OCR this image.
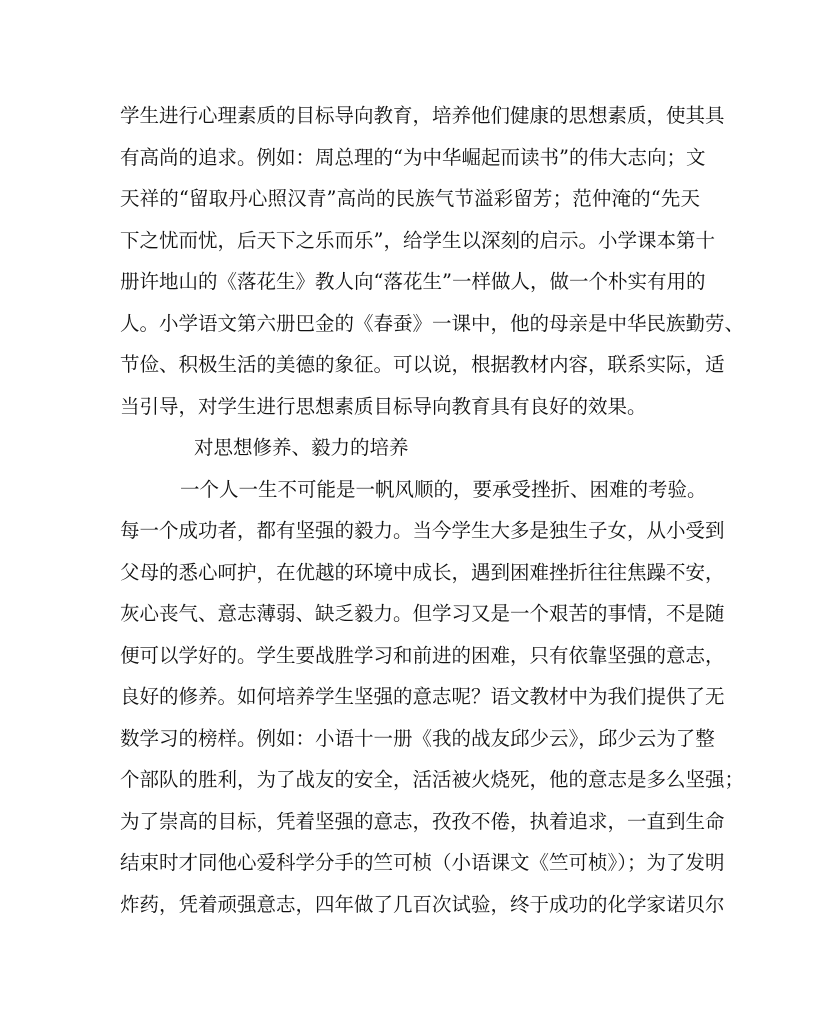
学生进行心理素质的目标导向教育，培养他们健康的思想素质，使其具
有高尚的追求。例如：周总理的“为中华崛起而读书”的伟大志向；文
天祥的“留取丹心照汉青”高尚的民族气节溢彩留芳；范仲淹的“先天
下之忧而忧，后天下之乐而乐”，给学生以深刻的启示。小学课本第十
册许地山的《落花生》教人向“落花生”一样做人，做一个朴实有用的
人。小学语文第六册巴金的《春蚕》一课中，他的母亲是中华民族勤劳、
节俭、积极生活的美德的象征。可以说，根据教材内容，联系实际，适
当引导，对学生进行思想素质目标导向教育具有良好的效果。
对思想修养、毅力的培养
一个人一生不可能是一帆风顺的，要承受挫折、困难的考验。
每一个成功者，都有坚强的毅力。当今学生大多是独生子女，从小受到
父母的悉心呵护，在优越的环境中成长，遇到困难挫折往往焦躁不安，
灰心丧气、意志薄弱、缺乏毅力。但学习又是一个艰苦的事情，不是随
便可以学好的。学生要战胜学习和前进的困难，只有依靠坚强的意志，
良好的修养。如何培养学生坚强的意志呢？语文教材中为我们提供了无
数学习的榜样。例如：小语十一册《我的战友邱少云》，邱少云为了整
个部队的胜利，为了战友的安全，活活被火烧死，他的意志是多么坚强；
为了崇高的目标，凭着坚强的意志，孜孜不倦，执着追求，一直到生命
结束时才同他心爱科学分手的竺可桢（小语课文《竺可桢》）；为了发明
炸药，凭着顽强意志，四年做了几百次试验，终于成功的化学家诺贝尔
